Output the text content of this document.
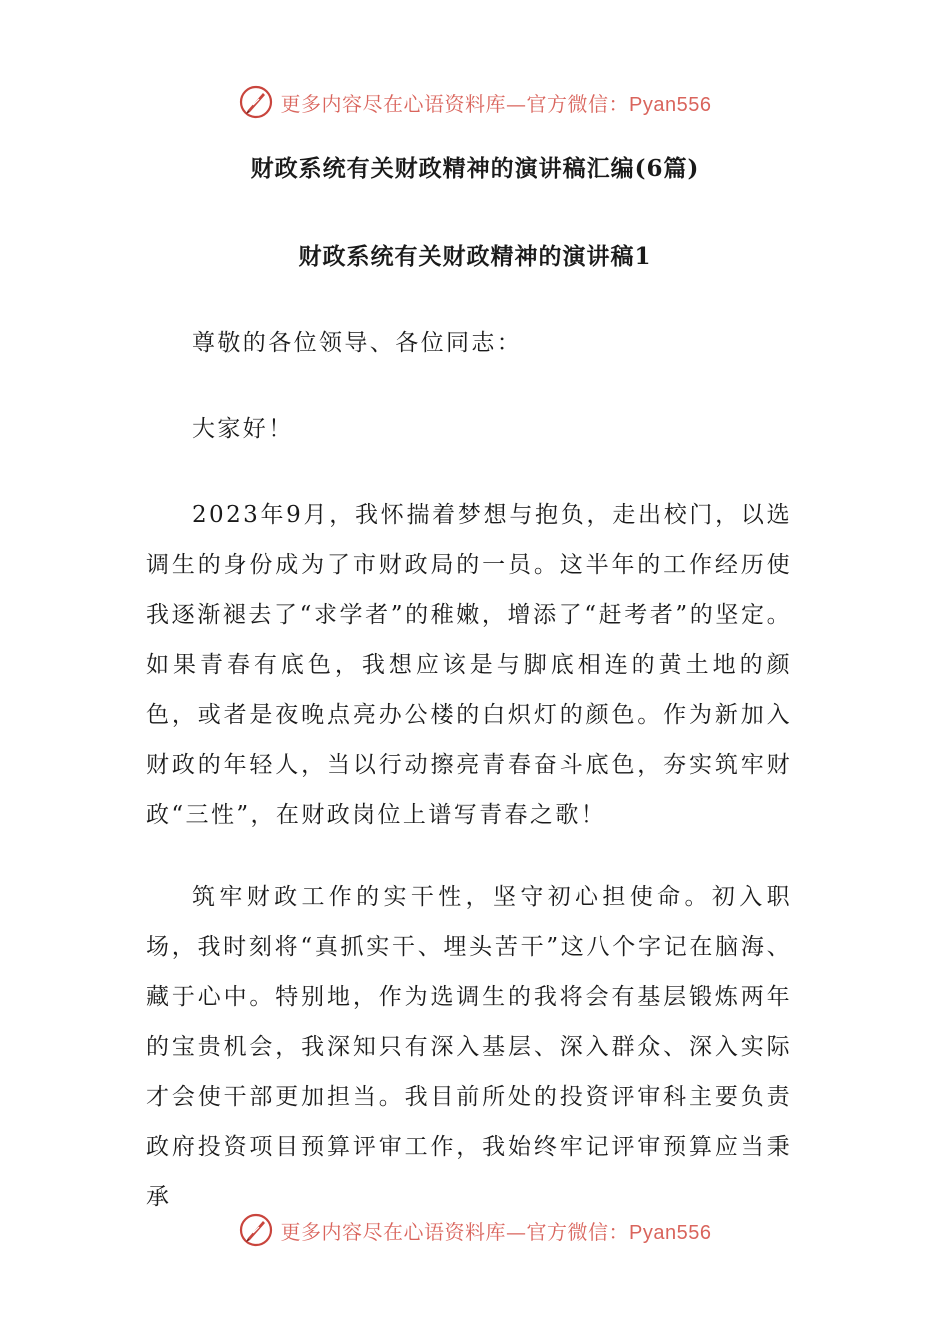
更多内容尽在心语资料库—官方微信：Pyan556
财政系统有关财政精神的演讲稿汇编(6篇)
财政系统有关财政精神的演讲稿1

尊敬的各位领导、各位同志：

大家好！

2023年9月，我怀揣着梦想与抱负，走出校门，以选调生的身份成为了市财政局的一员。这半年的工作经历使我逐渐褪去了“求学者”的稚嫩，增添了“赶考者”的坚定。如果青春有底色，我想应该是与脚底相连的黄土地的颜色，或者是夜晚点亮办公楼的白炽灯的颜色。作为新加入财政的年轻人，当以行动擦亮青春奋斗底色，夯实筑牢财政“三性”，在财政岗位上谱写青春之歌！

筑牢财政工作的实干性，坚守初心担使命。初入职场，我时刻将“真抓实干、埋头苦干”这八个字记在脑海、藏于心中。特别地，作为选调生的我将会有基层锻炼两年的宝贵机会，我深知只有深入基层、深入群众、深入实际才会使干部更加担当。我目前所处的投资评审科主要负责政府投资项目预算评审工作，我始终牢记评审预算应当秉承

更多内容尽在心语资料库—官方微信：Pyan556
